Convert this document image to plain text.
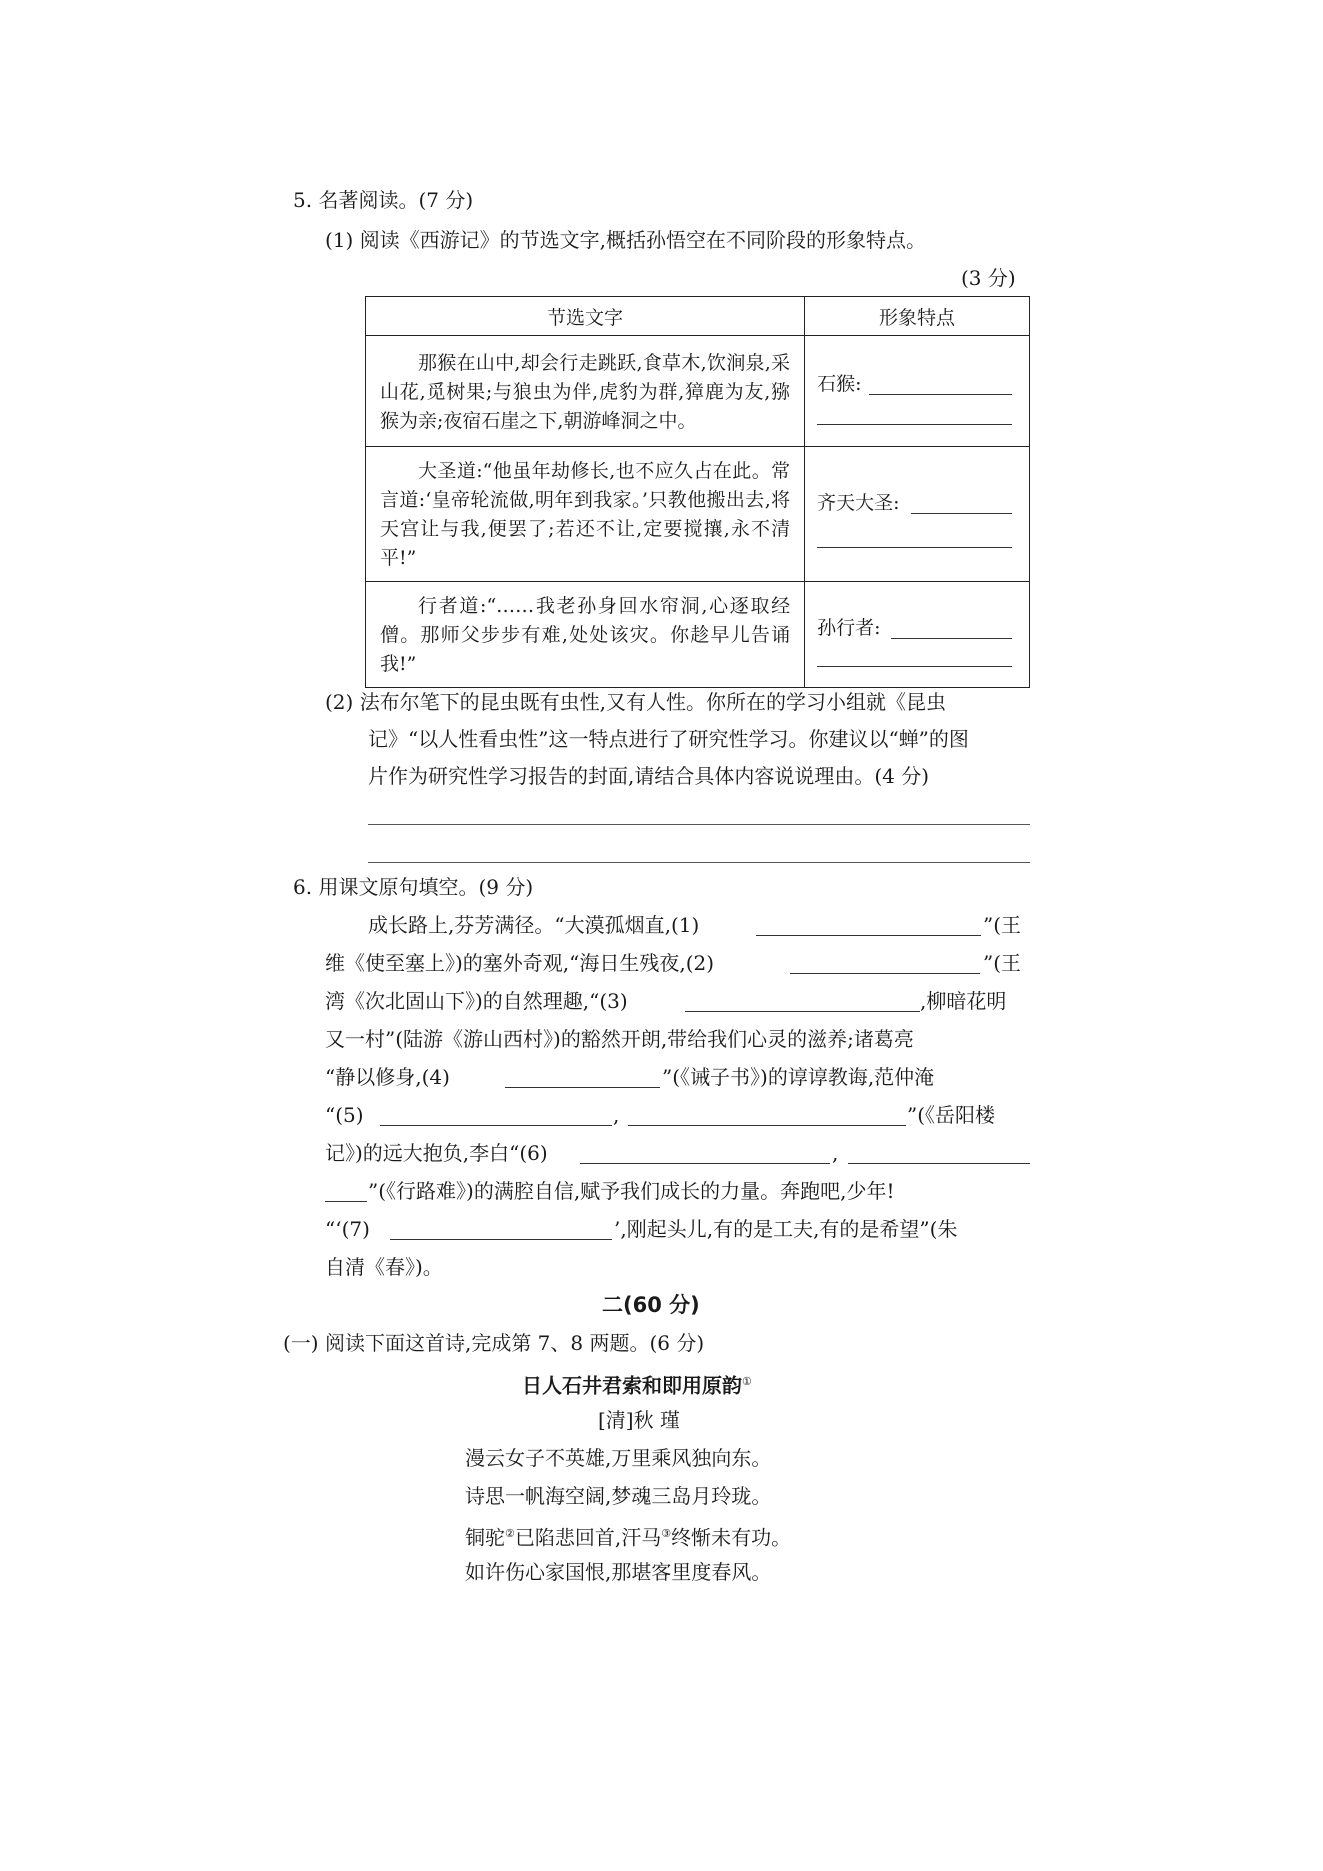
5. 名著阅读。(7 分)
(1) 阅读《西游记》的节选文字,概括孙悟空在不同阶段的形象特点。
(3 分)
节选文字	形象特点

那猴在山中,却会行走跳跃,食草木,饮涧泉,采山花,觅树果;与狼虫为伴,虎豹为群,獐鹿为友,猕猴为亲;夜宿石崖之下,朝游峰洞之中。	石猴:

大圣道:“他虽年劫修长,也不应久占在此。常言道:‘皇帝轮流做,明年到我家。’只教他搬出去,将天宫让与我,便罢了;若还不让,定要搅攘,永不清平!”	齐天大圣:

行者道:“……我老孙身回水帘洞,心逐取经僧。那师父步步有难,处处该灾。你趁早儿告诵我!”	孙行者:
(2) 法布尔笔下的昆虫既有虫性,又有人性。你所在的学习小组就《昆虫
记》“以人性看虫性”这一特点进行了研究性学习。你建议以“蝉”的图
片作为研究性学习报告的封面,请结合具体内容说说理由。(4 分)
6. 用课文原句填空。(9 分)
成长路上,芬芳满径。“大漠孤烟直,(1)	”(王
维《使至塞上》)的塞外奇观,“海日生残夜,(2)	”(王
湾《次北固山下》)的自然理趣,“(3)	,柳暗花明
又一村”(陆游《游山西村》)的豁然开朗,带给我们心灵的滋养;诸葛亮
“静以修身,(4)	”(《诫子书》)的谆谆教诲,范仲淹
“(5)	,	”(《岳阳楼
记》)的远大抱负,李白“(6)	,
”(《行路难》)的满腔自信,赋予我们成长的力量。奔跑吧,少年!
“‘(7)	’,刚起头儿,有的是工夫,有的是希望”(朱
自清《春》)。
二(60 分)
(一) 阅读下面这首诗,完成第 7、8 两题。(6 分)
日人石井君索和即用原韵①
[清]秋 瑾
漫云女子不英雄,万里乘风独向东。
诗思一帆海空阔,梦魂三岛月玲珑。
铜驼②已陷悲回首,汗马③终惭未有功。
如许伤心家国恨,那堪客里度春风。
